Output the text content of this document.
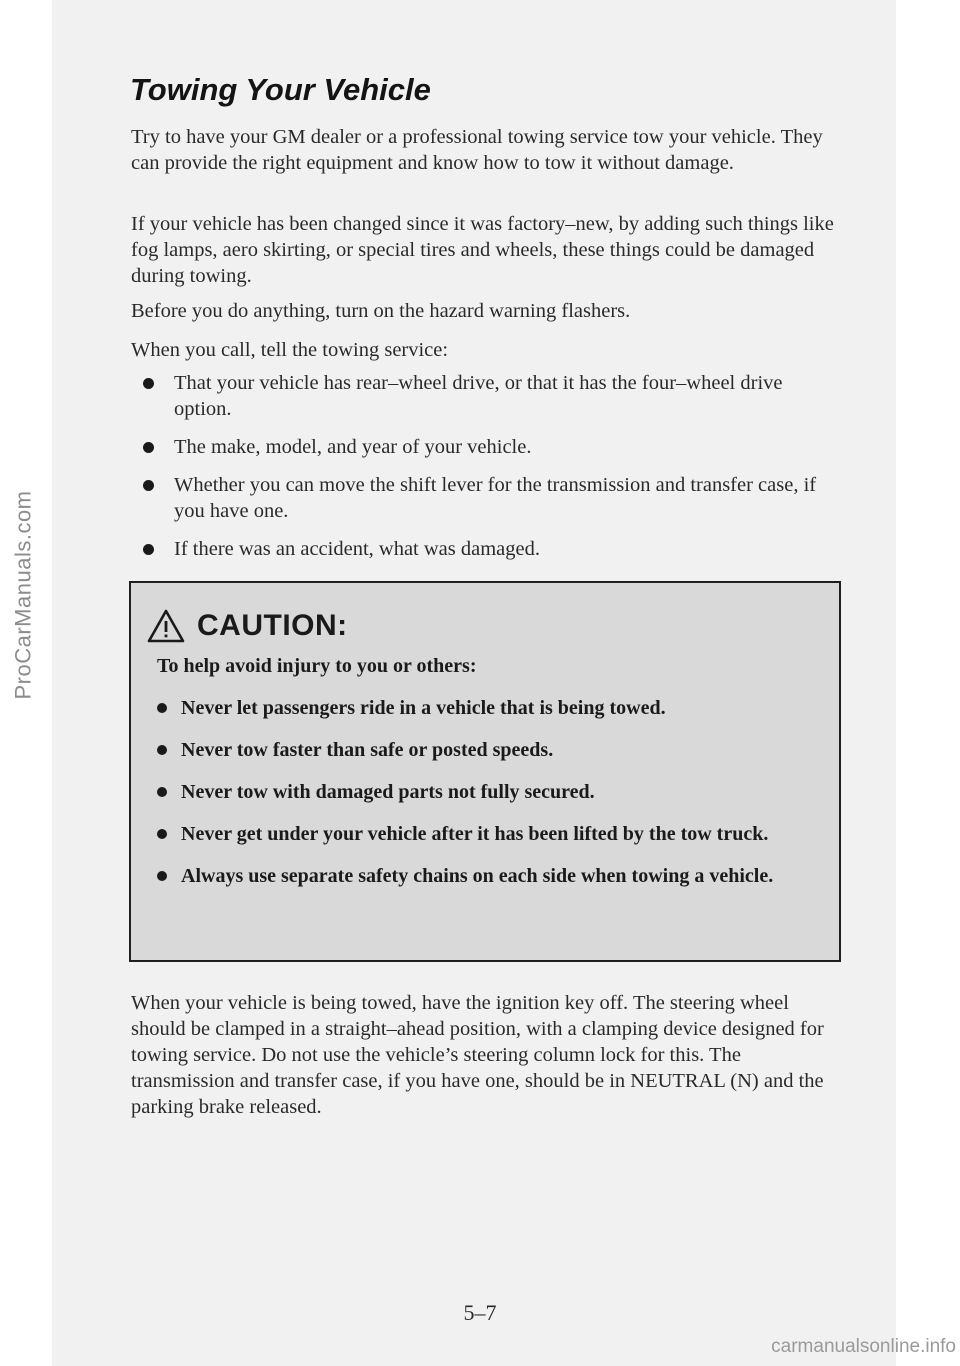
ProCarManuals.com
Towing Your Vehicle

Try to have your GM dealer or a professional towing service tow your vehicle. They can provide the right equipment and know how to tow it without damage.

If your vehicle has been changed since it was factory–new, by adding such things like fog lamps, aero skirting, or special tires and wheels, these things could be damaged during towing.

Before you do anything, turn on the hazard warning flashers.

When you call, tell the towing service:

That your vehicle has rear–wheel drive, or that it has the four–wheel drive option.
The make, model, and year of your vehicle.
Whether you can move the shift lever for the transmission and transfer case, if you have one.
If there was an accident, what was damaged.
CAUTION:

To help avoid injury to you or others:

Never let passengers ride in a vehicle that is being towed.
Never tow faster than safe or posted speeds.
Never tow with damaged parts not fully secured.
Never get under your vehicle after it has been lifted by the tow truck.
Always use separate safety chains on each side when towing a vehicle.

When your vehicle is being towed, have the ignition key off. The steering wheel should be clamped in a straight–ahead position, with a clamping device designed for towing service. Do not use the vehicle’s steering column lock for this. The transmission and transfer case, if you have one, should be in NEUTRAL (N) and the parking brake released.

5–7
carmanualsonline.info
